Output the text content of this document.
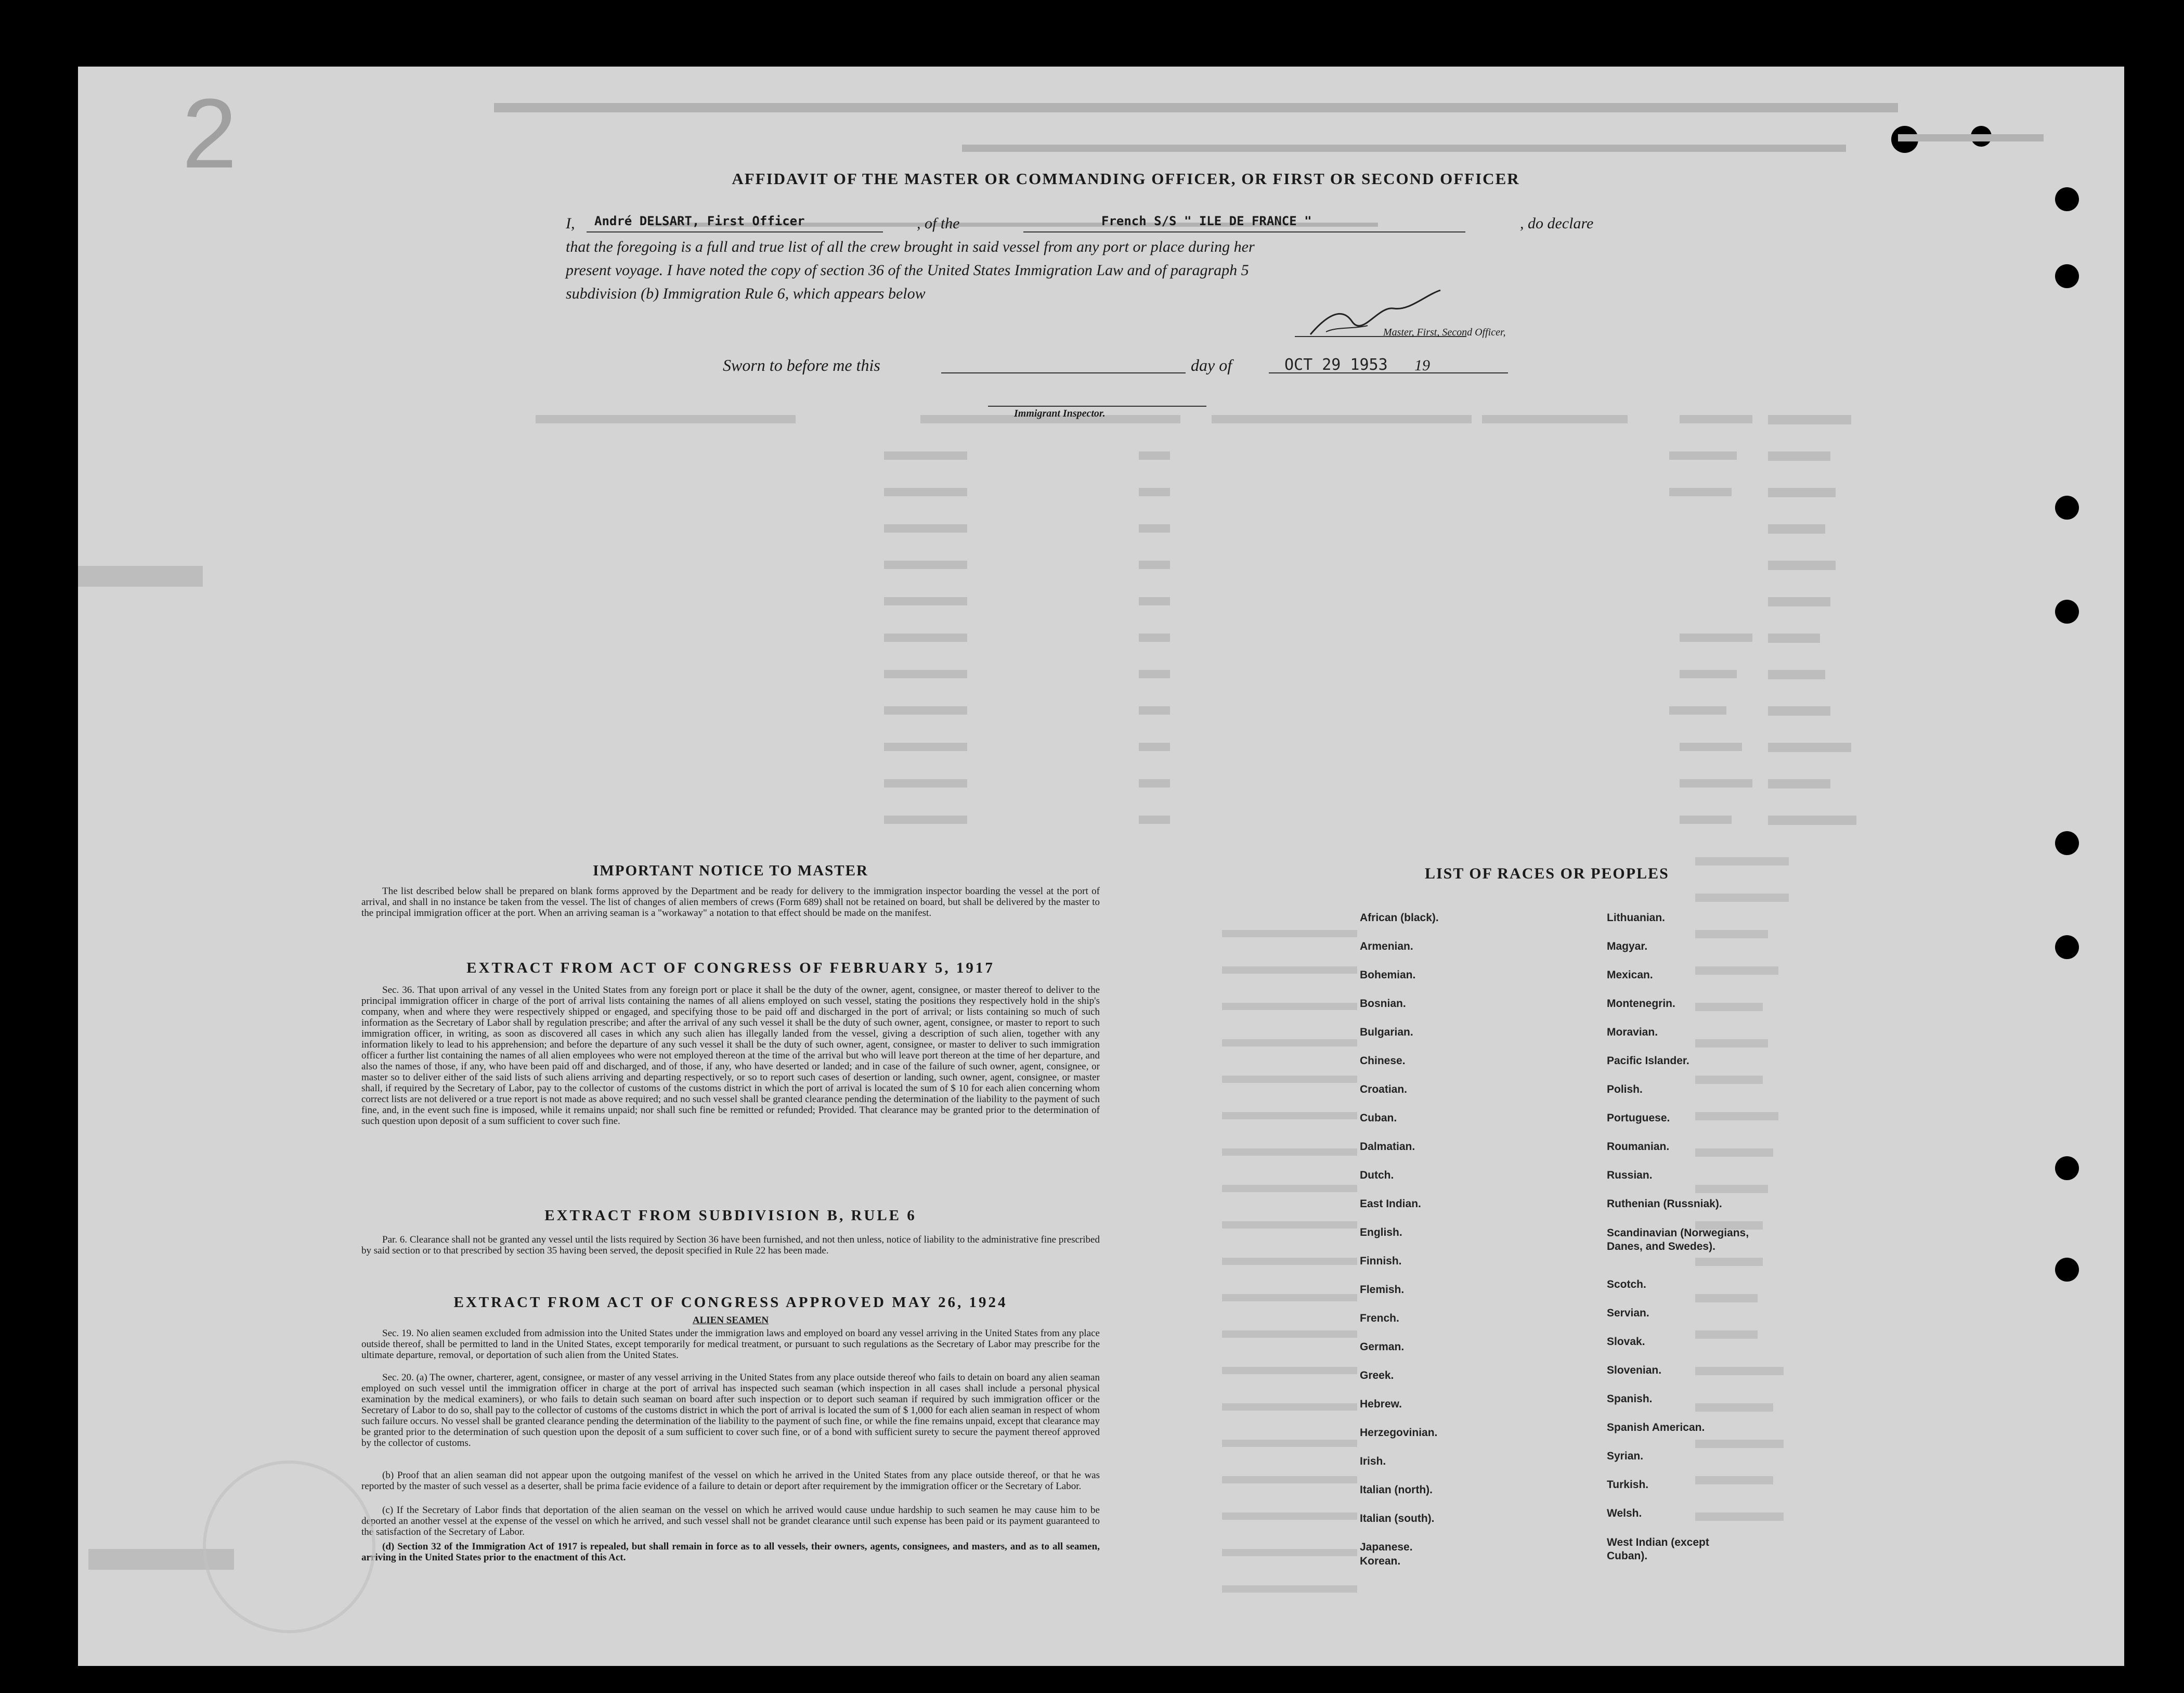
2	AFFIDAVIT OF THE MASTER OR COMMANDING OFFICER, OR FIRST OR SECOND OFFICER
I, André DELSART, First Officer	, of the	French S/S " ILE DE FRANCE "	, do declare
that the foregoing is a full and true list of all the crew brought in said vessel from any port or place during her
present voyage. I have noted the copy of section 36 of the United States Immigration Law and of paragraph 5
subdivision (b) Immigration Rule 6, which appears below
Master, First, Second Officer,
Sworn to before me this	day of	OCT 29 1953 19
Immigrant Inspector.
IMPORTANT NOTICE TO MASTER
The list described below shall be prepared on blank forms approved by the Department and be ready for delivery to the immigration inspector boarding the vessel at the port of arrival, and shall in no instance be taken from the vessel. The list of changes of alien members of crews (Form 689) shall not be retained on board, but shall be delivered by the master to the principal immigration officer at the port. When an arriving seaman is a "workaway" a notation to that effect should be made on the manifest.
EXTRACT FROM ACT OF CONGRESS OF FEBRUARY 5, 1917
Sec. 36. That upon arrival of any vessel in the United States from any foreign port or place it shall be the duty of the owner, agent, consignee, or master thereof to deliver to the principal immigration officer in charge of the port of arrival lists containing the names of all aliens employed on such vessel, stating the positions they respectively hold in the ship's company, when and where they were respectively shipped or engaged, and specifying those to be paid off and discharged in the port of arrival; or lists containing so much of such information as the Secretary of Labor shall by regulation prescribe; and after the arrival of any such vessel it shall be the duty of such owner, agent, consignee, or master to report to such immigration officer, in writing, as soon as discovered all cases in which any such alien has illegally landed from the vessel, giving a description of such alien, together with any information likely to lead to his apprehension; and before the departure of any such vessel it shall be the duty of such owner, agent, consignee, or master to deliver to such immigration officer a further list containing the names of all alien employees who were not employed thereon at the time of the arrival but who will leave port thereon at the time of her departure, and also the names of those, if any, who have been paid off and discharged, and of those, if any, who have deserted or landed; and in case of the failure of such owner, agent, consignee, or master so to deliver either of the said lists of such aliens arriving and departing respectively, or so to report such cases of desertion or landing, such owner, agent, consignee, or master shall, if required by the Secretary of Labor, pay to the collector of customs of the customs district in which the port of arrival is located the sum of $ 10 for each alien concerning whom correct lists are not delivered or a true report is not made as above required; and no such vessel shall be granted clearance pending the determination of the liability to the payment of such fine, and, in the event such fine is imposed, while it remains unpaid; nor shall such fine be remitted or refunded; Provided. That clearance may be granted prior to the determination of such question upon deposit of a sum sufficient to cover such fine.
EXTRACT FROM SUBDIVISION B, RULE 6
Par. 6. Clearance shall not be granted any vessel until the lists required by Section 36 have been furnished, and not then unless, notice of liability to the administrative fine prescribed by said section or to that prescribed by section 35 having been served, the deposit specified in Rule 22 has been made.
EXTRACT FROM ACT OF CONGRESS APPROVED MAY 26, 1924
ALIEN SEAMEN
Sec. 19. No alien seamen excluded from admission into the United States under the immigration laws and employed on board any vessel arriving in the United States from any place outside thereof, shall be permitted to land in the United States, except temporarily for medical treatment, or pursuant to such regulations as the Secretary of Labor may prescribe for the ultimate departure, removal, or deportation of such alien from the United States.
Sec. 20. (a) The owner, charterer, agent, consignee, or master of any vessel arriving in the United States from any place outside thereof who fails to detain on board any alien seaman employed on such vessel until the immigration officer in charge at the port of arrival has inspected such seaman (which inspection in all cases shall include a personal physical examination by the medical examiners), or who fails to detain such seaman on board after such inspection or to deport such seaman if required by such immigration officer or the Secretary of Labor to do so, shall pay to the collector of customs of the customs district in which the port of arrival is located the sum of $ 1,000 for each alien seaman in respect of whom such failure occurs. No vessel shall be granted clearance pending the determination of the liability to the payment of such fine, or while the fine remains unpaid, except that clearance may be granted prior to the determination of such question upon the deposit of a sum sufficient to cover such fine, or of a bond with sufficient surety to secure the payment thereof approved by the collector of customs.
(b) Proof that an alien seaman did not appear upon the outgoing manifest of the vessel on which he arrived in the United States from any place outside thereof, or that he was reported by the master of such vessel as a deserter, shall be prima facie evidence of a failure to detain or deport after requirement by the immigration officer or the Secretary of Labor.
(c) If the Secretary of Labor finds that deportation of the alien seaman on the vessel on which he arrived would cause undue hardship to such seamen he may cause him to be deported an another vessel at the expense of the vessel on which he arrived, and such vessel shall not be grandet clearance until such expense has been paid or its payment guaranteed to the satisfaction of the Secretary of Labor.
(d) Section 32 of the Immigration Act of 1917 is repealed, but shall remain in force as to all vessels, their owners, agents, consignees, and masters, and as to all seamen, arriving in the United States prior to the enactment of this Act.
LIST OF RACES OR PEOPLES
African (black).
Armenian.
Bohemian.
Bosnian.
Bulgarian.
Chinese.
Croatian.
Cuban.
Dalmatian.
Dutch.
East Indian.
English.
Finnish.
Flemish.
French.
German.
Greek.
Hebrew.
Herzegovinian.
Irish.
Italian (north).
Italian (south).
Japanese.
Korean.
Lithuanian.
Magyar.
Mexican.
Montenegrin.
Moravian.
Pacific Islander.
Polish.
Portuguese.
Roumanian.
Russian.
Ruthenian (Russniak).
Scandinavian (Norwegians, Danes, and Swedes).
Scotch.
Servian.
Slovak.
Slovenian.
Spanish.
Spanish American.
Syrian.
Turkish.
Welsh.
West Indian (except Cuban).
